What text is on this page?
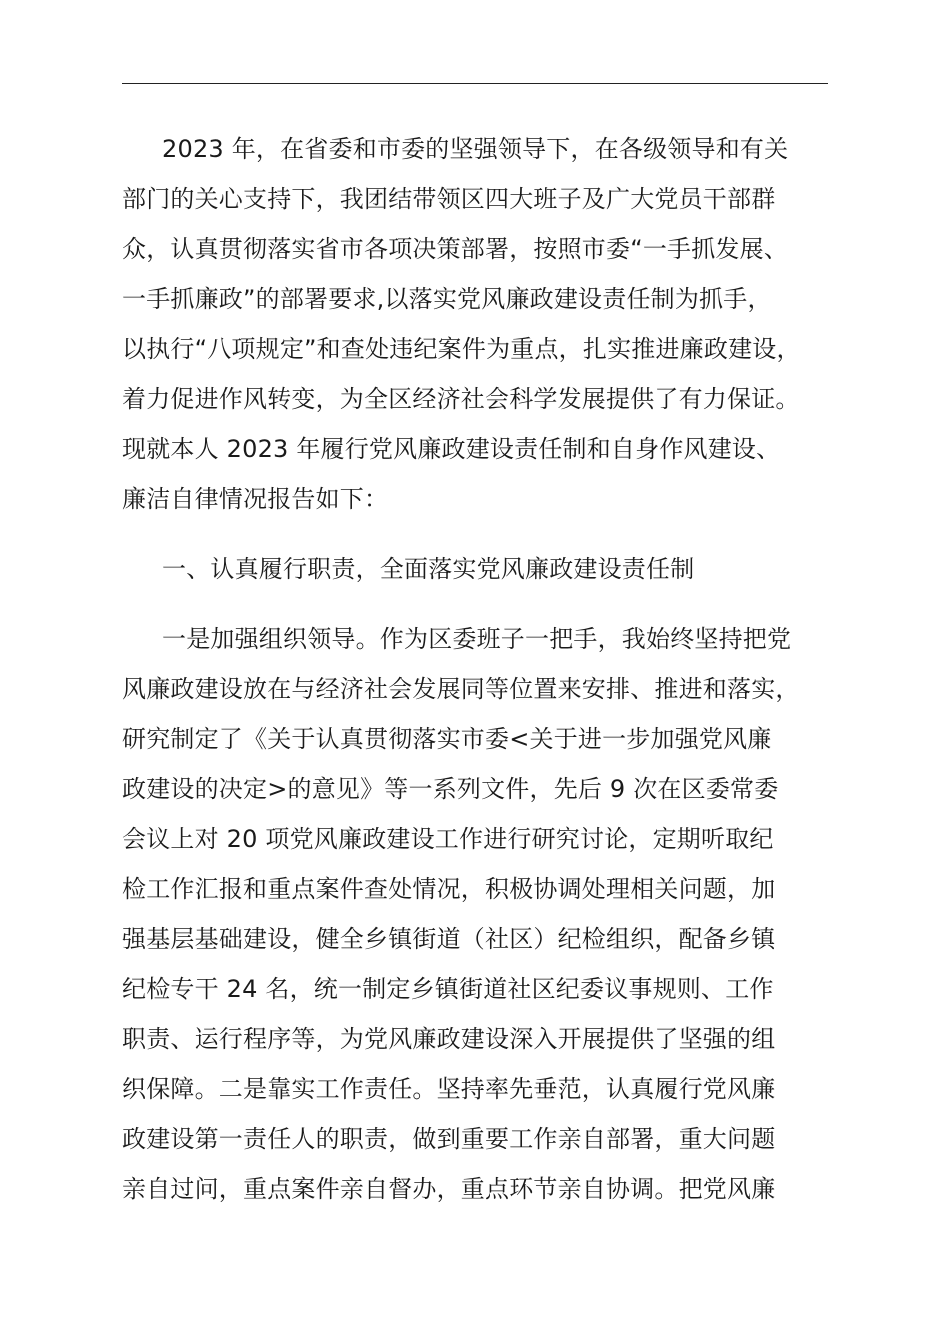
2023 年，在省委和市委的坚强领导下，在各级领导和有关
部门的关心支持下，我团结带领区四大班子及广大党员干部群
众，认真贯彻落实省市各项决策部署，按照市委“一手抓发展、
一手抓廉政”的部署要求,以落实党风廉政建设责任制为抓手，
以执行“八项规定”和查处违纪案件为重点，扎实推进廉政建设，
着力促进作风转变，为全区经济社会科学发展提供了有力保证。
现就本人 2023 年履行党风廉政建设责任制和自身作风建设、
廉洁自律情况报告如下：
一、认真履行职责，全面落实党风廉政建设责任制
一是加强组织领导。作为区委班子一把手，我始终坚持把党
风廉政建设放在与经济社会发展同等位置来安排、推进和落实，
研究制定了《关于认真贯彻落实市委<关于进一步加强党风廉
政建设的决定>的意见》等一系列文件，先后 9 次在区委常委
会议上对 20 项党风廉政建设工作进行研究讨论，定期听取纪
检工作汇报和重点案件查处情况，积极协调处理相关问题，加
强基层基础建设，健全乡镇街道（社区）纪检组织，配备乡镇
纪检专干 24 名，统一制定乡镇街道社区纪委议事规则、工作
职责、运行程序等，为党风廉政建设深入开展提供了坚强的组
织保障。二是靠实工作责任。坚持率先垂范，认真履行党风廉
政建设第一责任人的职责，做到重要工作亲自部署，重大问题
亲自过问，重点案件亲自督办，重点环节亲自协调。把党风廉
